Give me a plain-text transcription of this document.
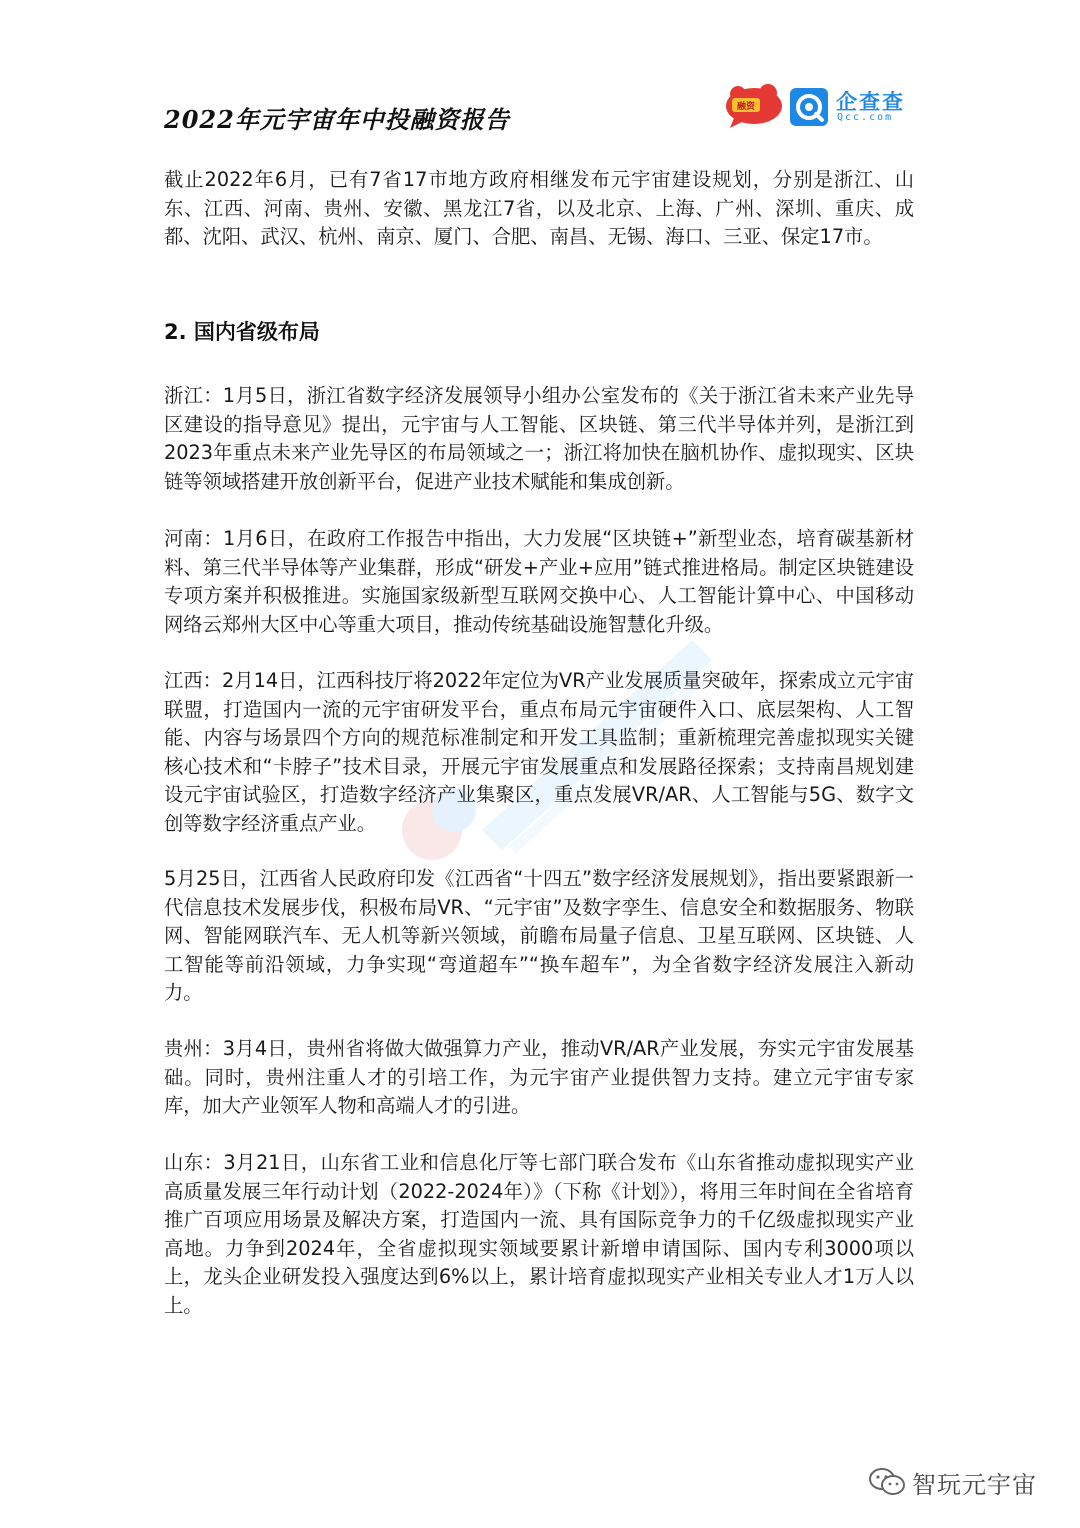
2022年元宇宙年中投融资报告	融资	企查查
Qcc.com

截止2022年6月，已有7省17市地方政府相继发布元宇宙建设规划，分别是浙江、山东、江西、河南、贵州、安徽、黑龙江7省，以及北京、上海、广州、深圳、重庆、成都、沈阳、武汉、杭州、南京、厦门、合肥、南昌、无锡、海口、三亚、保定17市。

2. 国内省级布局

浙江：1月5日，浙江省数字经济发展领导小组办公室发布的《关于浙江省未来产业先导区建设的指导意见》提出，元宇宙与人工智能、区块链、第三代半导体并列，是浙江到2023年重点未来产业先导区的布局领域之一；浙江将加快在脑机协作、虚拟现实、区块链等领域搭建开放创新平台，促进产业技术赋能和集成创新。

河南：1月6日，在政府工作报告中指出，大力发展“区块链+”新型业态，培育碳基新材料、第三代半导体等产业集群，形成“研发+产业+应用”链式推进格局。制定区块链建设专项方案并积极推进。实施国家级新型互联网交换中心、人工智能计算中心、中国移动网络云郑州大区中心等重大项目，推动传统基础设施智慧化升级。

江西：2月14日，江西科技厅将2022年定位为VR产业发展质量突破年，探索成立元宇宙联盟，打造国内一流的元宇宙研发平台，重点布局元宇宙硬件入口、底层架构、人工智能、内容与场景四个方向的规范标准制定和开发工具监制；重新梳理完善虚拟现实关键核心技术和“卡脖子”技术目录，开展元宇宙发展重点和发展路径探索；支持南昌规划建设元宇宙试验区，打造数字经济产业集聚区，重点发展VR/AR、人工智能与5G、数字文创等数字经济重点产业。

5月25日，江西省人民政府印发《江西省“十四五”数字经济发展规划》，指出要紧跟新一代信息技术发展步伐，积极布局VR、“元宇宙”及数字孪生、信息安全和数据服务、物联网、智能网联汽车、无人机等新兴领域，前瞻布局量子信息、卫星互联网、区块链、人工智能等前沿领域，力争实现“弯道超车”“换车超车”，为全省数字经济发展注入新动力。

贵州：3月4日，贵州省将做大做强算力产业，推动VR/AR产业发展，夯实元宇宙发展基础。同时，贵州注重人才的引培工作，为元宇宙产业提供智力支持。建立元宇宙专家库，加大产业领军人物和高端人才的引进。

山东：3月21日，山东省工业和信息化厅等七部门联合发布《山东省推动虚拟现实产业高质量发展三年行动计划（2022-2024年）》（下称《计划》），将用三年时间在全省培育推广百项应用场景及解决方案，打造国内一流、具有国际竞争力的千亿级虚拟现实产业高地。力争到2024年，全省虚拟现实领域要累计新增申请国际、国内专利3000项以上，龙头企业研发投入强度达到6%以上，累计培育虚拟现实产业相关专业人才1万人以上。

智玩元宇宙
